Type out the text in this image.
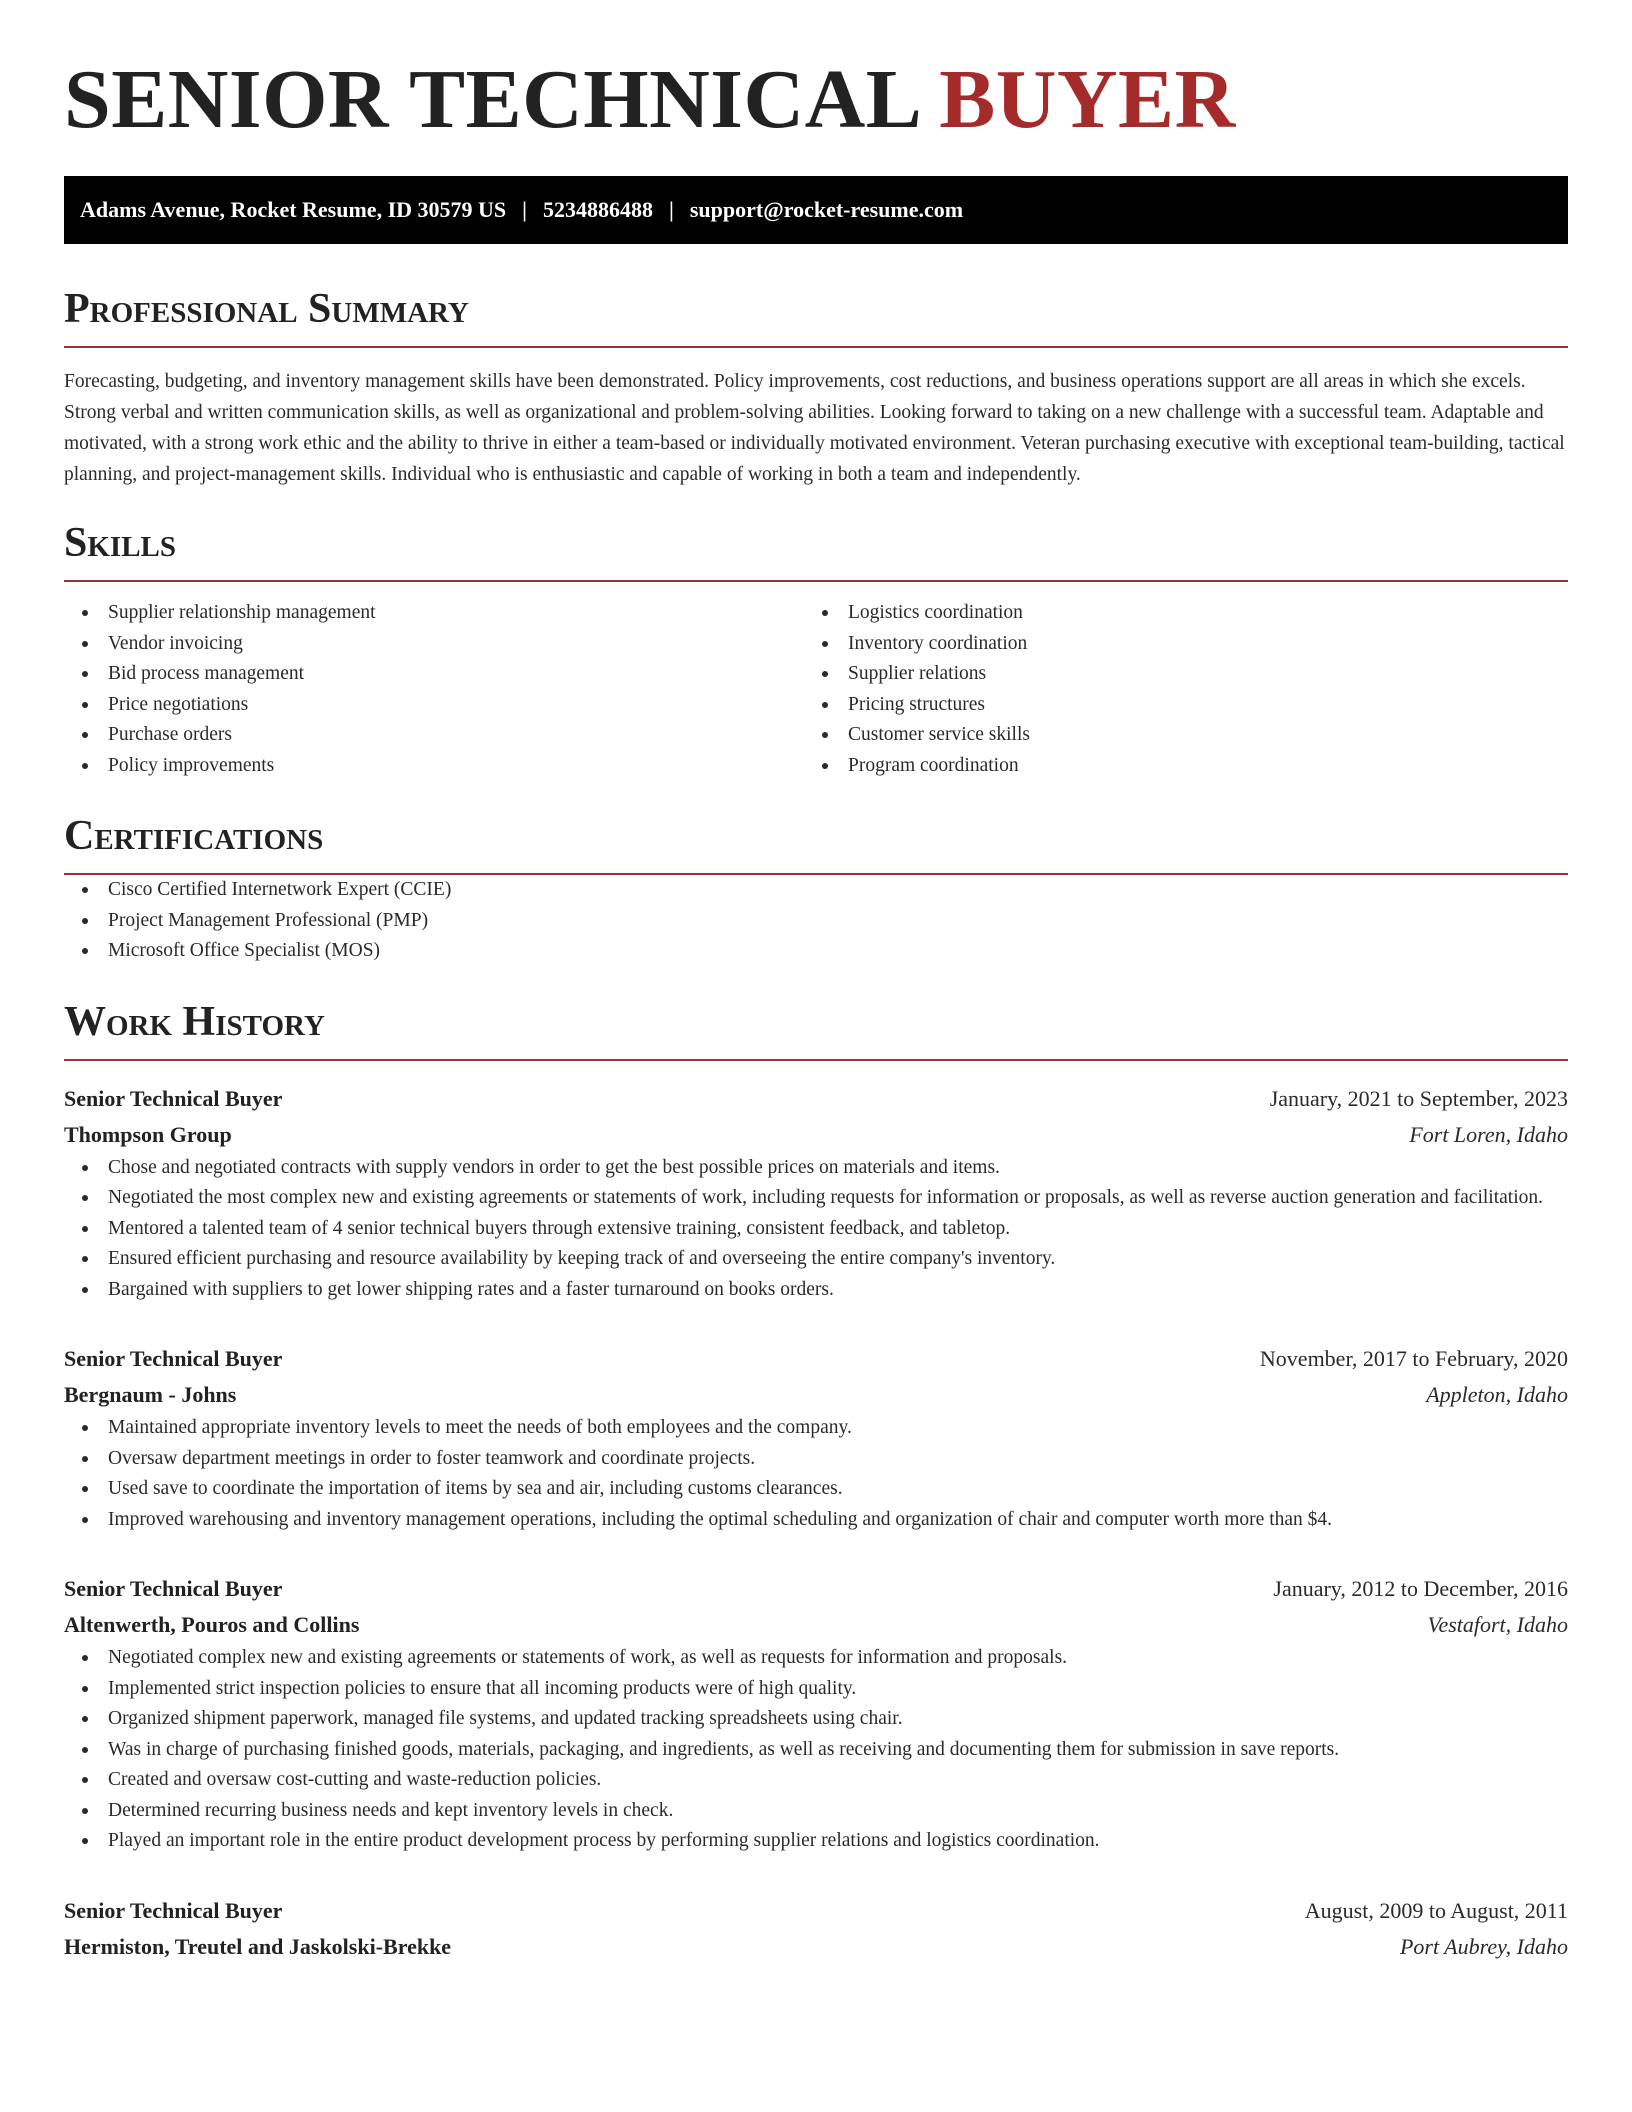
SENIOR TECHNICAL BUYER
Adams Avenue, Rocket Resume, ID 30579 US | 5234886488 | support@rocket-resume.com
Professional Summary

Forecasting, budgeting, and inventory management skills have been demonstrated. Policy improvements, cost reductions, and business operations support are all areas in which she excels. Strong verbal and written communication skills, as well as organizational and problem-solving abilities. Looking forward to taking on a new challenge with a successful team. Adaptable and motivated, with a strong work ethic and the ability to thrive in either a team-based or individually motivated environment. Veteran purchasing executive with exceptional team-building, tactical planning, and project-management skills. Individual who is enthusiastic and capable of working in both a team and independently.

Skills
Supplier relationship management
Vendor invoicing
Bid process management
Price negotiations
Purchase orders
Policy improvements
Logistics coordination
Inventory coordination
Supplier relations
Pricing structures
Customer service skills
Program coordination
Certifications
Cisco Certified Internetwork Expert (CCIE)
Project Management Professional (PMP)
Microsoft Office Specialist (MOS)
Work History
Senior Technical Buyer	January, 2021 to September, 2023
Thompson Group	Fort Loren, Idaho
Chose and negotiated contracts with supply vendors in order to get the best possible prices on materials and items.
Negotiated the most complex new and existing agreements or statements of work, including requests for information or proposals, as well as reverse auction generation and facilitation.
Mentored a talented team of 4 senior technical buyers through extensive training, consistent feedback, and tabletop.
Ensured efficient purchasing and resource availability by keeping track of and overseeing the entire company's inventory.
Bargained with suppliers to get lower shipping rates and a faster turnaround on books orders.
Senior Technical Buyer	November, 2017 to February, 2020
Bergnaum - Johns	Appleton, Idaho
Maintained appropriate inventory levels to meet the needs of both employees and the company.
Oversaw department meetings in order to foster teamwork and coordinate projects.
Used save to coordinate the importation of items by sea and air, including customs clearances.
Improved warehousing and inventory management operations, including the optimal scheduling and organization of chair and computer worth more than $4.
Senior Technical Buyer	January, 2012 to December, 2016
Altenwerth, Pouros and Collins	Vestafort, Idaho
Negotiated complex new and existing agreements or statements of work, as well as requests for information and proposals.
Implemented strict inspection policies to ensure that all incoming products were of high quality.
Organized shipment paperwork, managed file systems, and updated tracking spreadsheets using chair.
Was in charge of purchasing finished goods, materials, packaging, and ingredients, as well as receiving and documenting them for submission in save reports.
Created and oversaw cost-cutting and waste-reduction policies.
Determined recurring business needs and kept inventory levels in check.
Played an important role in the entire product development process by performing supplier relations and logistics coordination.
Senior Technical Buyer	August, 2009 to August, 2011
Hermiston, Treutel and Jaskolski-Brekke	Port Aubrey, Idaho
